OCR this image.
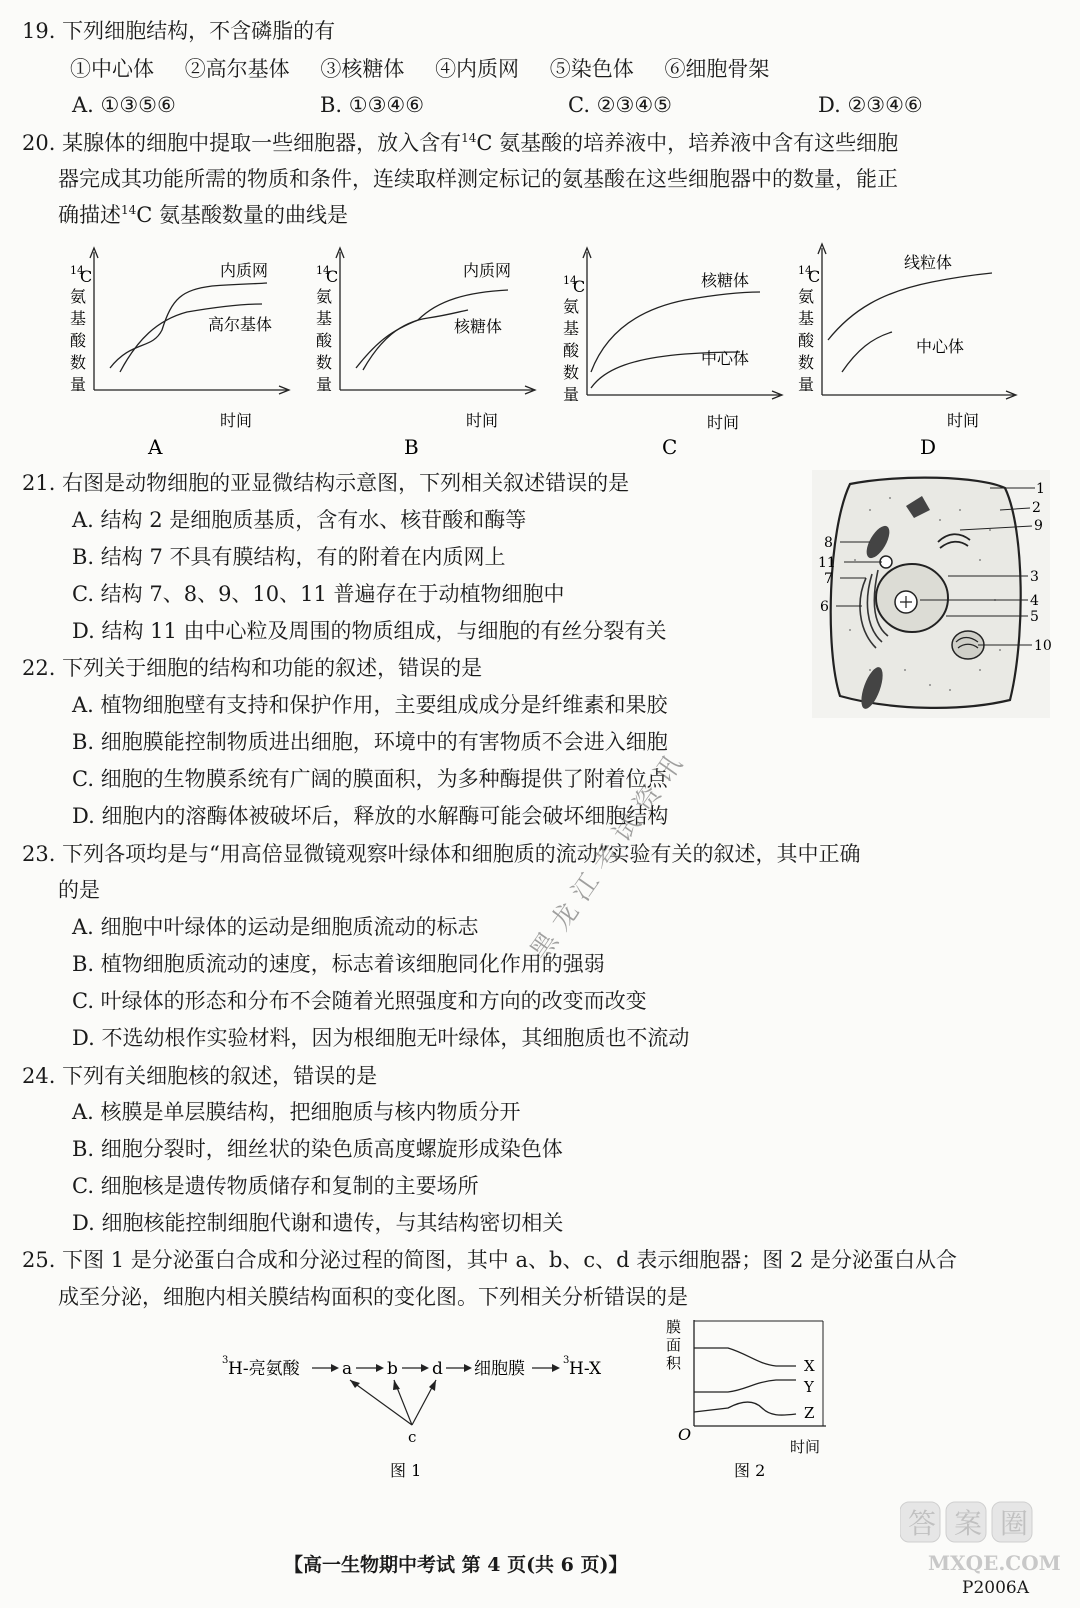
19. 下列细胞结构，不含磷脂的有
①中心体 ②高尔基体 ③核糖体 ④内质网 ⑤染色体 ⑥细胞骨架
A. ①③⑤⑥	B. ①③④⑥	C. ②③④⑤	D. ②③④⑥
20. 某腺体的细胞中提取一些细胞器，放入含有$^{14}$C 氨基酸的培养液中，培养液中含有这些细胞
器完成其功能所需的物质和条件，连续取样测定标记的氨基酸在这些细胞器中的数量，能正
确描述$^{14}$C 氨基酸数量的曲线是
14
C
氨
基
酸
数
量
内质网
高尔基体
时间
A
14
C
氨
基
酸
数
量
内质网
核糖体
时间
B
14
C
氨
基
酸
数
量
核糖体
中心体
时间
C
14
C
氨
基
酸
数
量
线粒体
中心体
时间
D
21. 右图是动物细胞的亚显微结构示意图，下列相关叙述错误的是
A. 结构 2 是细胞质基质，含有水、核苷酸和酶等
B. 结构 7 不具有膜结构，有的附着在内质网上
C. 结构 7、8、9、10、11 普遍存在于动植物细胞中
D. 结构 11 由中心粒及周围的物质组成，与细胞的有丝分裂有关
1
2
9
8
11
7	3
6	4
5
10
22. 下列关于细胞的结构和功能的叙述，错误的是
A. 植物细胞壁有支持和保护作用，主要组成成分是纤维素和果胶
B. 细胞膜能控制物质进出细胞，环境中的有害物质不会进入细胞
C. 细胞的生物膜系统有广阔的膜面积，为多种酶提供了附着位点
D. 细胞内的溶酶体被破坏后，释放的水解酶可能会破坏细胞结构
23. 下列各项均是与“用高倍显微镜观察叶绿体和细胞质的流动”实验有关的叙述，其中正确
的是
A. 细胞中叶绿体的运动是细胞质流动的标志
B. 植物细胞质流动的速度，标志着该细胞同化作用的强弱
C. 叶绿体的形态和分布不会随着光照强度和方向的改变而改变
D. 不选幼根作实验材料，因为根细胞无叶绿体，其细胞质也不流动
24. 下列有关细胞核的叙述，错误的是
A. 核膜是单层膜结构，把细胞质与核内物质分开
B. 细胞分裂时，细丝状的染色质高度螺旋形成染色体
C. 细胞核是遗传物质储存和复制的主要场所
D. 细胞核能控制细胞代谢和遗传，与其结构密切相关
25. 下图 1 是分泌蛋白合成和分泌过程的简图，其中 a、b、c、d 表示细胞器；图 2 是分泌蛋白从合
成至分泌，细胞内相关膜结构面积的变化图。下列相关分析错误的是
3 H-亮氨酸 a b d 细胞膜	3 H-X
c
图 1
膜
面
积	X
Y
Z
O
时间
图 2
黑龙江考试资讯
【高一生物期中考试 第 4 页(共 6 页)】
P2006A
答案圈
MXQE.COM
